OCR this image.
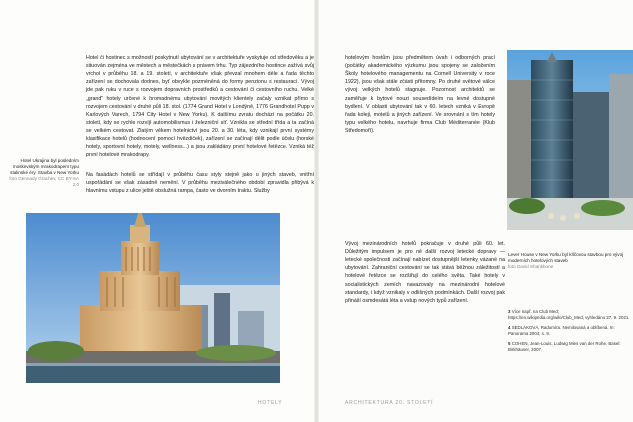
Hotel či hostinec s možností poskytnutí ubytování se v architektuře vyskytuje od středověku a je situován zejména ve městech a městečkách s právem trhu. Typ zájezdního hostince zažívá svůj vrchol v průběhu 18. a 19. století, v architektuře však převzal mnohem déle a řada těchto zařízení se dochovala dodnes, byť obvykle pozměněná do formy penzionu s restaurací. Vývoj jde pak ruku v ruce s rozvojem dopravních prostředků a cestování či cestovního ruchu. Velké „grand" hotely určené k hromadnému ubytování movitých klientely začaly vznikat přímo s rozvojem cestování v druhé půli 18. stol. (1774 Grand Hotel v Londýně, 1776 Grandhotel Pupp v Karlových Varech, 1794 City Hotel v New Yorku). K dalšímu zvratu dochází na počátku 20. století, kdy se rychle rozvíjí automobilismus i železniční síť. Vznikla se střední třída a ta začíná se velkém cestovat. Zlatým věkem hotelnictví jsou 20. a 30. léta, kdy vznikají první systémy klasifikace hotelů (hodnocení pomocí hvězdiček), zařízení se začínají dělit podle účelu (horské hotely, sportovní hotely, motely, wellness...) a jsou zakládány první hotelové řetězce. Vzniká též první hotelové mrakodrapy.

Na fasádách hotelů se střídají v průběhu času styly stejně jako u jiných staveb, vnitřní uspořádání se však zásadně nemění. V průběhu meziválečného období zpravidla přibývá k hlavnímu vstupu z ulice ještě obslužná rampa, často ve dvorním traktu. Služby

Hotel Ukrajina byl posledním moskevským mrakodrapem typu stalinské éry. Stavba v New Yorku
foto Gennady Grachev, CC BY-SA 2.0

hotelovým hostům jsou předmětem úvah i odborných prací (počátky akademického výzkumu jsou spojeny se založením Školy hotelového managementu na Cornell University v roce 1922), jsou však stále zčásti přítomny. Po druhé světové válce vývoj velkých hotelů stagnuje. Pozornost architektů se zaměřuje k bytové nouzi sousedídeím na levné dostupné bydlení. V oblasti ubytování tak v 60. letech vzniká v Evropě řada koleji, motelů a jiných zařízení. Ve srovnání s tím hotely typu velkého hotelu, navrhuje firma Club Méditerranée (Klub Středomoří).

Vývoj mezinárodních hotelů pokračuje v druhé půli 60. let. Důležitým impulsem je pro ně další rozvoj letecké dopravy — letecké společnosti začínají nabízet dostupnější letenky vázané na ubytování. Zahraniční cestování se tak stává běžnou záležitostí a hotelové řetězce se rozšiřují do celého světa. Také hotely v socialistických zemích navazovaly na mezinárodní hotelové standardy, i když vznikaly v odlišných podmínkách. Další rozvoj pak přináší osmdesátá léta a vstup nových typů zařízení.

Lever House v New Yorku byl klíčovou stavbou pro vývoj moderních hotelových staveb
foto David Shankbone
3 Více např. na Club Med; https://en.wikipedia.org/wiki/Club_Med, vyhledáno 27. 9. 2021.
4 SEDLÁKOVÁ, Radomíra. Nemilovaná a oblíbená. In: Panorama 2004, s. 9.
5 COHEN, Jean-Louis. Ludwig Mies van der Rohe. Basel: Birkhäuser, 2007.
HOTELY	ARCHITEKTURA 20. STOLETÍ
